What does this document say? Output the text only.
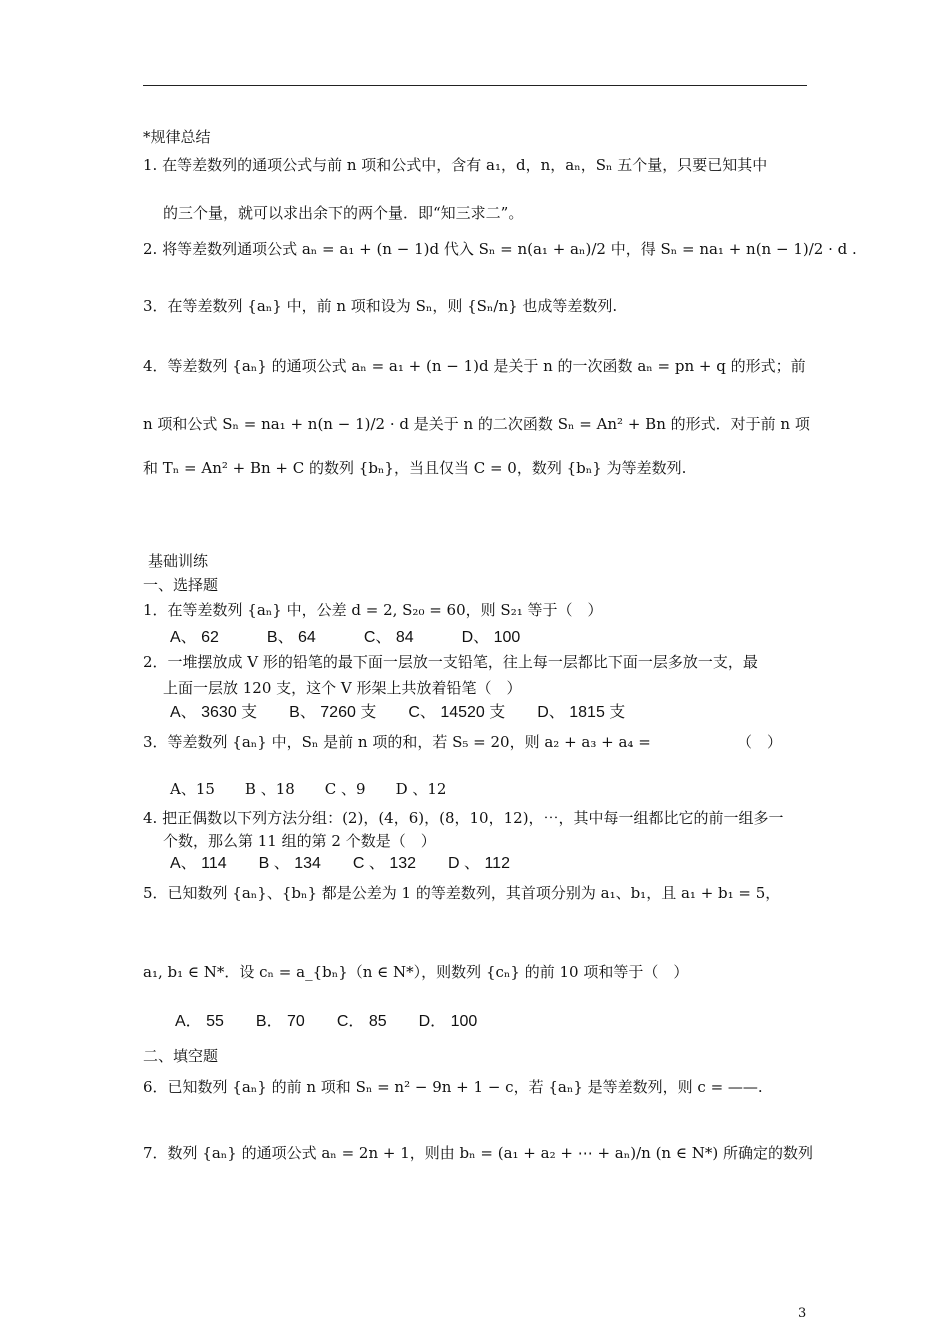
*规律总结
1. 在等差数列的通项公式与前 n 项和公式中，含有 a₁，d，n，aₙ，Sₙ 五个量，只要已知其中
的三个量，就可以求出余下的两个量．即“知三求二”。
2. 将等差数列通项公式 aₙ = a₁ + (n − 1)d 代入 Sₙ = n(a₁ + aₙ)/2 中，得 Sₙ = na₁ + n(n − 1)/2 · d .
3．在等差数列 {aₙ} 中，前 n 项和设为 Sₙ，则 {Sₙ/n} 也成等差数列.
4．等差数列 {aₙ} 的通项公式 aₙ = a₁ + (n − 1)d 是关于 n 的一次函数 aₙ = pn + q 的形式；前
n 项和公式 Sₙ = na₁ + n(n − 1)/2 · d 是关于 n 的二次函数 Sₙ = An² + Bn 的形式．对于前 n 项
和 Tₙ = An² + Bn + C 的数列 {bₙ}，当且仅当 C = 0，数列 {bₙ} 为等差数列.
基础训练
一、选择题
1．在等差数列 {aₙ} 中，公差 d = 2, S₂₀ = 60，则 S₂₁ 等于（　）
A、 62　　　B、 64　　　C、 84　　　D、 100
2．一堆摆放成 V 形的铅笔的最下面一层放一支铅笔，往上每一层都比下面一层多放一支，最
上面一层放 120 支，这个 V 形架上共放着铅笔（　）
A、 3630 支　　B、 7260 支　　C、 14520 支　　D、 1815 支
3．等差数列 {aₙ} 中，Sₙ 是前 n 项的和，若 S₅ = 20，则 a₂ + a₃ + a₄ =	（　）
A、15　　B 、18　　C 、9　　D 、12
4. 把正偶数以下列方法分组：(2)，(4，6)，(8，10，12)，⋯，其中每一组都比它的前一组多一
个数，那么第 11 组的第 2 个数是（　）
A、 114　　B 、 134　　C 、 132　　D 、 112
5．已知数列 {aₙ}、{bₙ} 都是公差为 1 的等差数列，其首项分别为 a₁、b₁，且 a₁ + b₁ = 5，
a₁, b₁ ∈ N*．设 cₙ = a_{bₙ}（n ∈ N*），则数列 {cₙ} 的前 10 项和等于（　）
A． 55　　B． 70　　C． 85　　D． 100
二、填空题
6．已知数列 {aₙ} 的前 n 项和 Sₙ = n² − 9n + 1 − c，若 {aₙ} 是等差数列，则 c = ——.
7．数列 {aₙ} 的通项公式 aₙ = 2n + 1，则由 bₙ = (a₁ + a₂ + ⋯ + aₙ)/n (n ∈ N*) 所确定的数列
3
